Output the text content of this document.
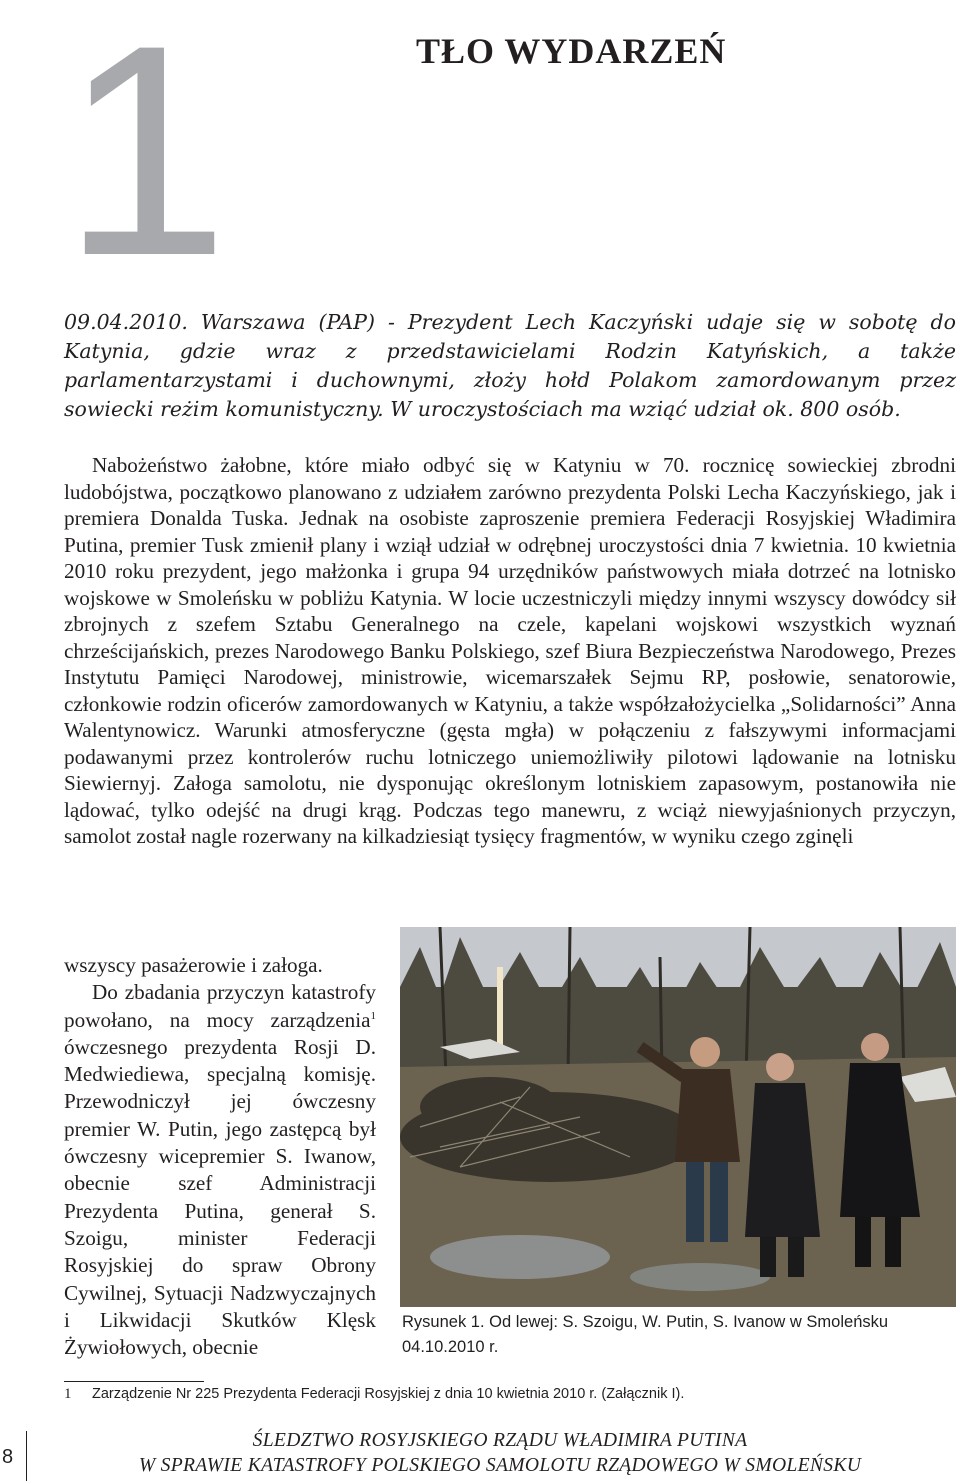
1	TŁO WYDARZEŃ

09.04.2010. Warszawa (PAP) - Prezydent Lech Kaczyński udaje się w sobotę do Katynia, gdzie wraz z przedstawicielami Rodzin Katyńskich, a także parlamentarzystami i duchownymi, złoży hołd Polakom zamordowanym przez sowiecki reżim komunistyczny. W uroczystościach ma wziąć udział ok. 800 osób.

Nabożeństwo żałobne, które miało odbyć się w Katyniu w 70. rocznicę sowieckiej zbrodni ludobójstwa, początkowo planowano z udziałem zarówno prezydenta Polski Lecha Kaczyńskiego, jak i premiera Donalda Tuska. Jednak na osobiste zaproszenie premiera Federacji Rosyjskiej Władimira Putina, premier Tusk zmienił plany i wziął udział w odrębnej uroczystości dnia 7 kwietnia. 10 kwietnia 2010 roku prezydent, jego małżonka i grupa 94 urzędników państwowych miała dotrzeć na lotnisko wojskowe w Smoleńsku w pobliżu Katynia. W locie uczestniczyli między innymi wszyscy dowódcy sił zbrojnych z szefem Sztabu Generalnego na czele, kapelani wojskowi wszystkich wyznań chrześcijańskich, prezes Narodowego Banku Polskiego, szef Biura Bezpieczeństwa Narodowego, Prezes Instytutu Pamięci Narodowej, ministrowie, wicemarszałek Sejmu RP, posłowie, senatorowie, członkowie rodzin oficerów zamordowanych w Katyniu, a także współzałożycielka „Solidarności” Anna Walentynowicz. Warunki atmosferyczne (gęsta mgła) w połączeniu z fałszywymi informacjami podawanymi przez kontrolerów ruchu lotniczego uniemożliwiły pilotowi lądowanie na lotnisku Siewiernyj. Załoga samolotu, nie dysponując określonym lotniskiem zapasowym, postanowiła nie lądować, tylko odejść na drugi krąg. Podczas tego manewru, z wciąż niewyjaśnionych przyczyn, samolot został nagle rozerwany na kilkadziesiąt tysięcy fragmentów, w wyniku czego zginęli

wszyscy pasażerowie i załoga.
Do zbadania przyczyn katastrofy powołano, na mocy zarządzenia$^1$ ówczesnego prezydenta Rosji D. Medwiediewa, specjalną komisję. Przewodniczył jej ówczesny premier W. Putin, jego zastępcą był ówczesny wicepremier S. Iwanow, obecnie szef Administracji Prezydenta Putina, generał S. Szoigu, minister Federacji Rosyjskiej do spraw Obrony Cywilnej, Sytuacji Nadzwyczajnych i Likwidacji Skutków Klęsk Żywiołowych, obecnie

Rysunek 1. Od lewej: S. Szoigu, W. Putin, S. Ivanow w Smoleńsku 04.10.2010 r.

1 Zarządzenie Nr 225 Prezydenta Federacji Rosyjskiej z dnia 10 kwietnia 2010 r. (Załącznik I).
8
ŚLEDZTWO ROSYJSKIEGO RZĄDU WŁADIMIRA PUTINA
W SPRAWIE KATASTROFY POLSKIEGO SAMOLOTU RZĄDOWEGO W SMOLEŃSKU
